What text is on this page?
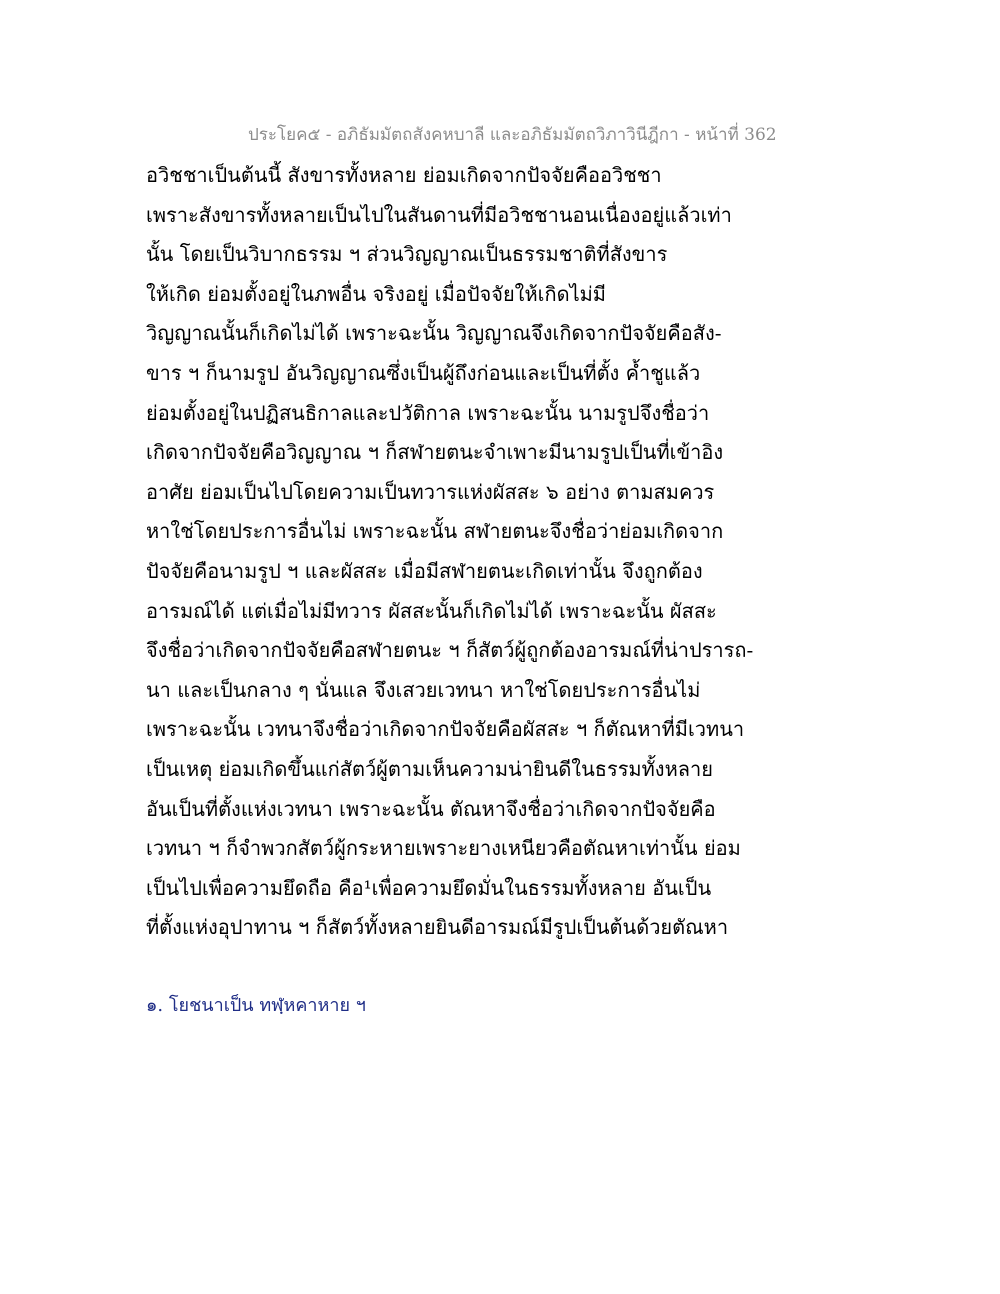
ประโยค๕ - อภิธัมมัตถสังคหบาลี และอภิธัมมัตถวิภาวินีฎีกา - หน้าที่ 362
อวิชชาเป็นต้นนี้ สังขารทั้งหลาย ย่อมเกิดจากปัจจัยคืออวิชชา
เพราะสังขารทั้งหลายเป็นไปในสันดานที่มีอวิชชานอนเนื่องอยู่แล้วเท่า
นั้น โดยเป็นวิบากธรรม ฯ ส่วนวิญญาณเป็นธรรมชาติที่สังขาร
ให้เกิด ย่อมตั้งอยู่ในภพอื่น จริงอยู่ เมื่อปัจจัยให้เกิดไม่มี
วิญญาณนั้นก็เกิดไม่ได้ เพราะฉะนั้น วิญญาณจึงเกิดจากปัจจัยคือสัง-
ขาร ฯ ก็นามรูป อันวิญญาณซึ่งเป็นผู้ถึงก่อนและเป็นที่ตั้ง ค้ำชูแล้ว
ย่อมตั้งอยู่ในปฏิสนธิกาลและปวัติกาล เพราะฉะนั้น นามรูปจึงชื่อว่า
เกิดจากปัจจัยคือวิญญาณ ฯ ก็สฬายตนะจำเพาะมีนามรูปเป็นที่เข้าอิง
อาศัย ย่อมเป็นไปโดยความเป็นทวารแห่งผัสสะ ๖ อย่าง ตามสมควร
หาใช่โดยประการอื่นไม่ เพราะฉะนั้น สฬายตนะจึงชื่อว่าย่อมเกิดจาก
ปัจจัยคือนามรูป ฯ และผัสสะ เมื่อมีสฬายตนะเกิดเท่านั้น จึงถูกต้อง
อารมณ์ได้ แต่เมื่อไม่มีทวาร ผัสสะนั้นก็เกิดไม่ได้ เพราะฉะนั้น ผัสสะ
จึงชื่อว่าเกิดจากปัจจัยคือสฬายตนะ ฯ ก็สัตว์ผู้ถูกต้องอารมณ์ที่น่าปรารถ-
นา และเป็นกลาง ๆ นั่นแล จึงเสวยเวทนา หาใช่โดยประการอื่นไม่
เพราะฉะนั้น เวทนาจึงชื่อว่าเกิดจากปัจจัยคือผัสสะ ฯ ก็ตัณหาที่มีเวทนา
เป็นเหตุ ย่อมเกิดขึ้นแก่สัตว์ผู้ตามเห็นความน่ายินดีในธรรมทั้งหลาย
อันเป็นที่ตั้งแห่งเวทนา เพราะฉะนั้น ตัณหาจึงชื่อว่าเกิดจากปัจจัยคือ
เวทนา ฯ ก็จำพวกสัตว์ผู้กระหายเพราะยางเหนียวคือตัณหาเท่านั้น ย่อม
เป็นไปเพื่อความยึดถือ คือ¹เพื่อความยึดมั่นในธรรมทั้งหลาย อันเป็น
ที่ตั้งแห่งอุปาทาน ฯ ก็สัตว์ทั้งหลายยินดีอารมณ์มีรูปเป็นต้นด้วยตัณหา
๑. โยชนาเป็น ทฬฺหคาหาย ฯ
